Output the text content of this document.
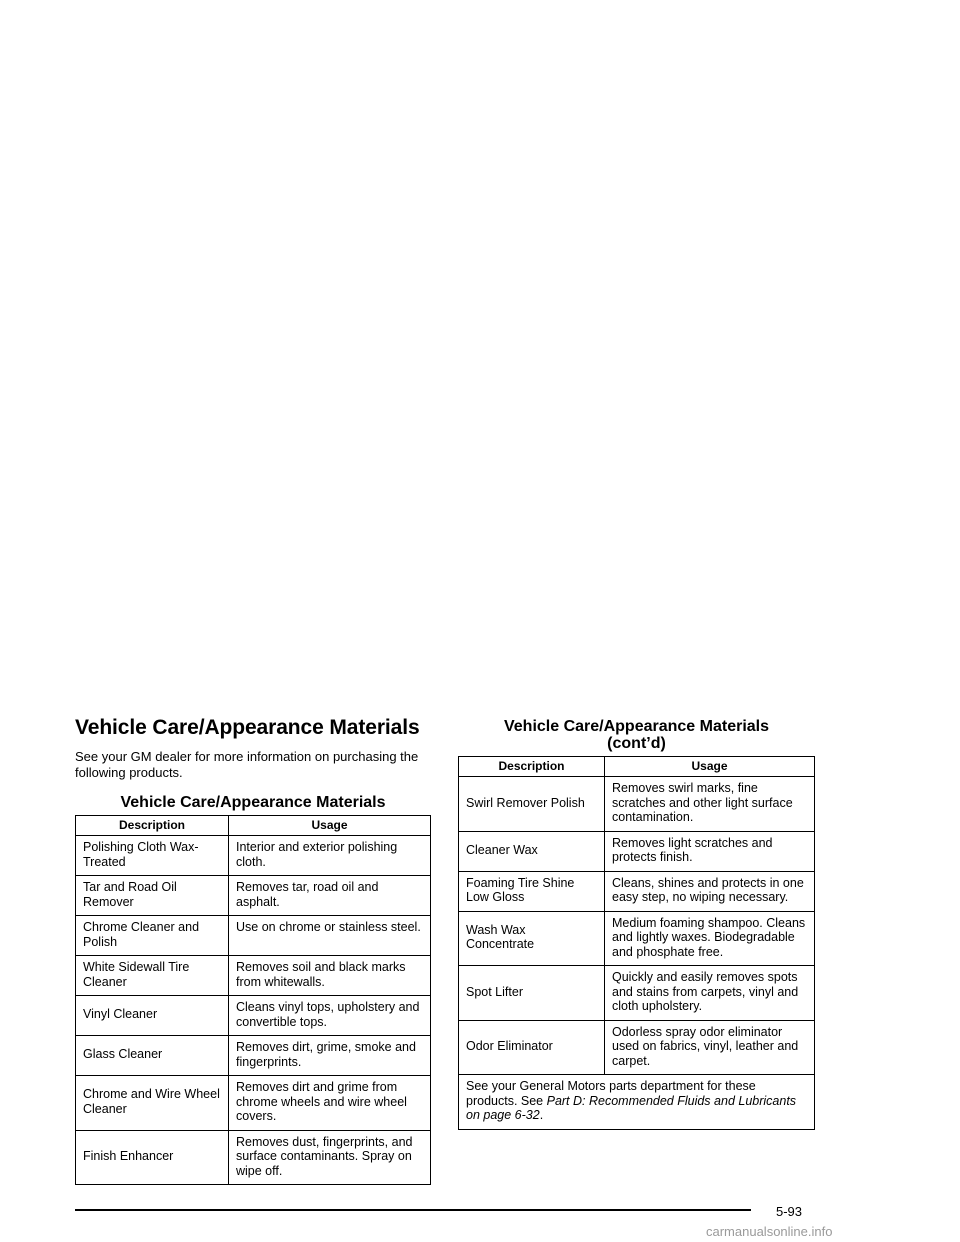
Vehicle Care/Appearance Materials

See your GM dealer for more information on purchasing the following products.

Vehicle Care/Appearance Materials
Description	Usage
Polishing Cloth Wax-Treated	Interior and exterior polishing cloth.
Tar and Road Oil Remover	Removes tar, road oil and asphalt.
Chrome Cleaner and Polish	Use on chrome or stainless steel.
White Sidewall Tire Cleaner	Removes soil and black marks from whitewalls.
Vinyl Cleaner	Cleans vinyl tops, upholstery and convertible tops.
Glass Cleaner	Removes dirt, grime, smoke and fingerprints.
Chrome and Wire Wheel Cleaner	Removes dirt and grime from chrome wheels and wire wheel covers.
Finish Enhancer	Removes dust, fingerprints, and surface contaminants. Spray on wipe off.
Vehicle Care/Appearance Materials
(cont’d)
Description	Usage
Swirl Remover Polish	Removes swirl marks, fine scratches and other light surface contamination.
Cleaner Wax	Removes light scratches and protects finish.
Foaming Tire Shine Low Gloss	Cleans, shines and protects in one easy step, no wiping necessary.
Wash Wax Concentrate	Medium foaming shampoo. Cleans and lightly waxes. Biodegradable and phosphate free.
Spot Lifter	Quickly and easily removes spots and stains from carpets, vinyl and cloth upholstery.
Odor Eliminator	Odorless spray odor eliminator used on fabrics, vinyl, leather and carpet.
See your General Motors parts department for these products. See Part D: Recommended Fluids and Lubricants on page 6-32.	
5-93
carmanualsonline.info
